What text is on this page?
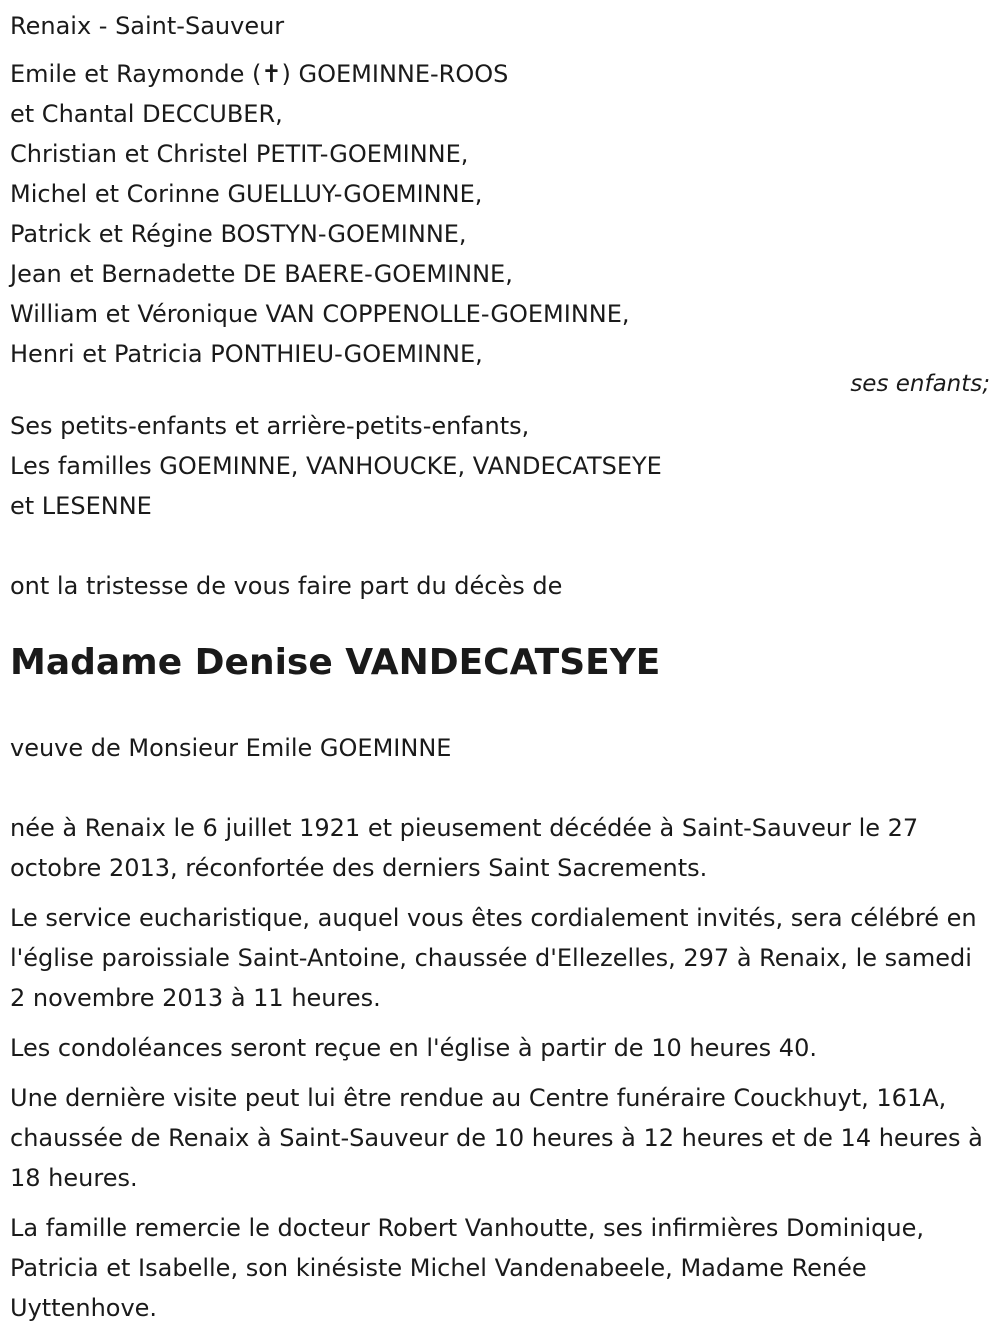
Renaix - Saint-Sauveur

Emile et Raymonde (✝) GOEMINNE-ROOS

et Chantal DECCUBER,

Christian et Christel PETIT-GOEMINNE,

Michel et Corinne GUELLUY-GOEMINNE,

Patrick et Régine BOSTYN-GOEMINNE,

Jean et Bernadette DE BAERE-GOEMINNE,

William et Véronique VAN COPPENOLLE-GOEMINNE,

Henri et Patricia PONTHIEU-GOEMINNE,

ses enfants;

Ses petits-enfants et arrière-petits-enfants,

Les familles GOEMINNE, VANHOUCKE, VANDECATSEYE

et LESENNE

ont la tristesse de vous faire part du décès de

Madame Denise VANDECATSEYE

veuve de Monsieur Emile GOEMINNE

née à Renaix le 6 juillet 1921 et pieusement décédée à Saint-Sauveur le 27 octobre 2013, réconfortée des derniers Saint Sacrements.

Le service eucharistique, auquel vous êtes cordialement invités, sera célébré en l'église paroissiale Saint-Antoine, chaussée d'Ellezelles, 297 à Renaix, le samedi 2 novembre 2013 à 11 heures.

Les condoléances seront reçue en l'église à partir de 10 heures 40.

Une dernière visite peut lui être rendue au Centre funéraire Couckhuyt, 161A, chaussée de Renaix à Saint-Sauveur de 10 heures à 12 heures et de 14 heures à 18 heures.

La famille remercie le docteur Robert Vanhoutte, ses infirmières Dominique, Patricia et Isabelle, son kinésiste Michel Vandenabeele, Madame Renée Uyttenhove.
